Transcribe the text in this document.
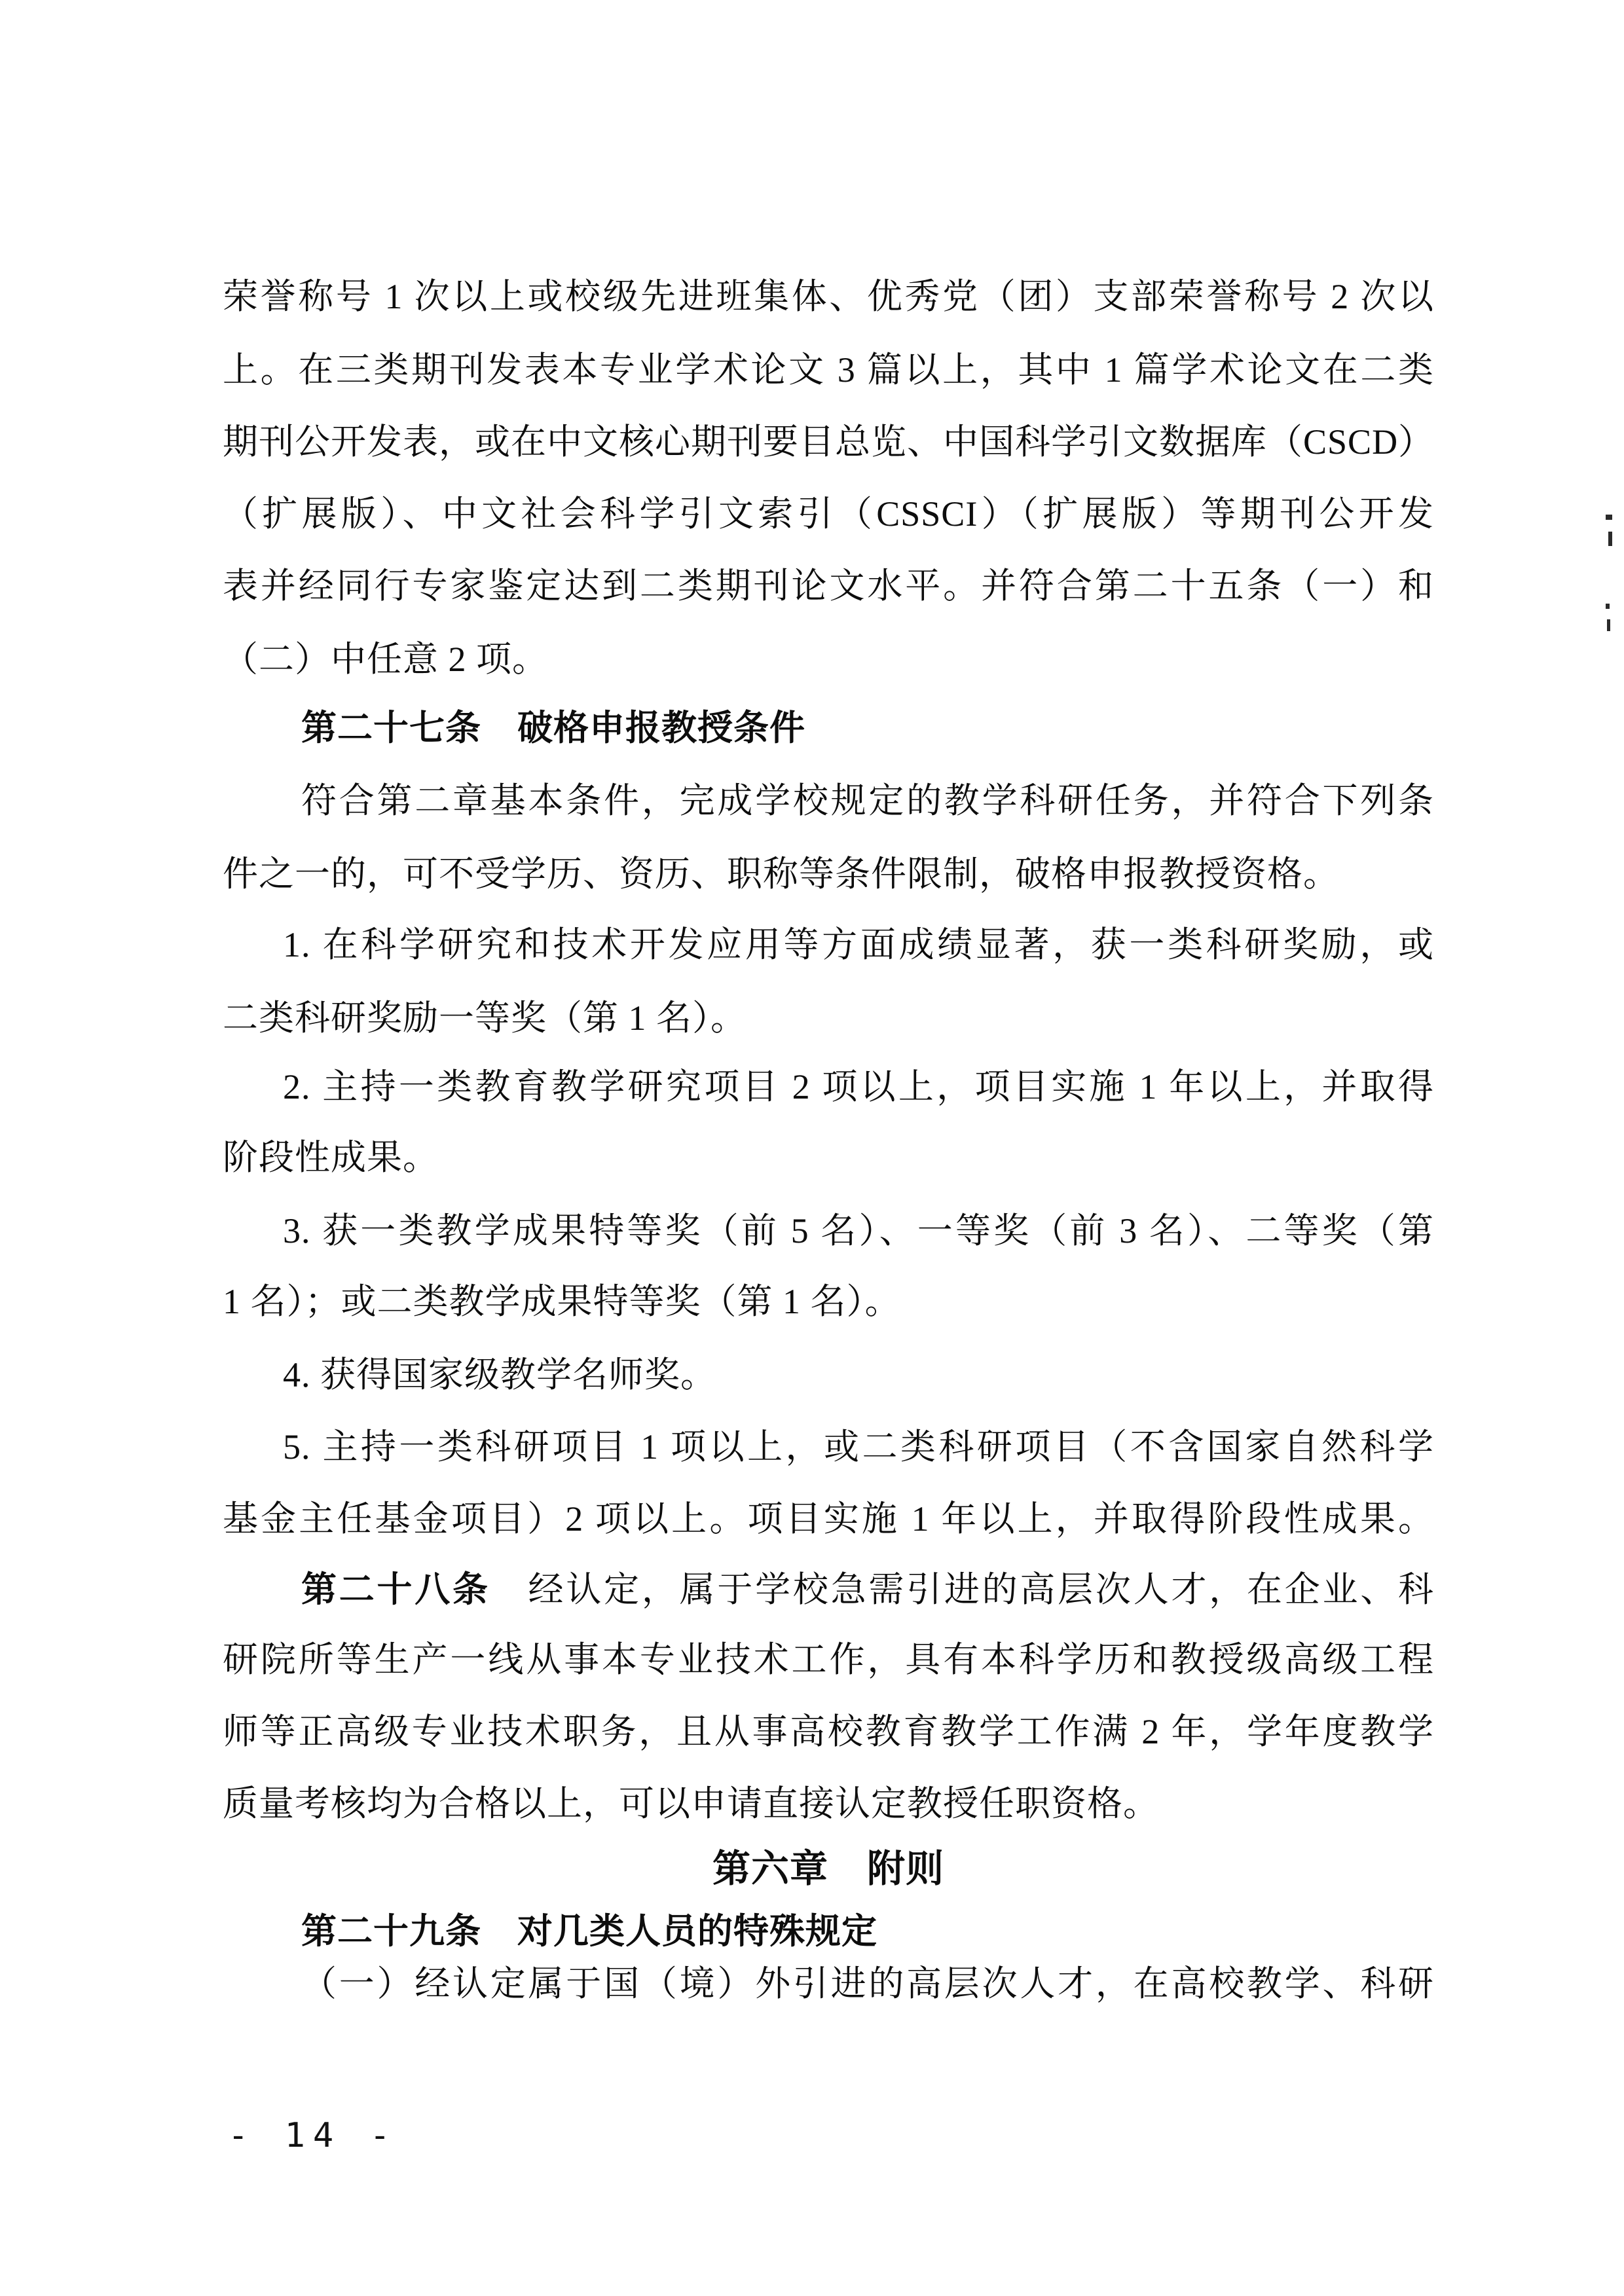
荣誉称号 1 次以上或校级先进班集体、优秀党（团）支部荣誉称号 2 次以
上。在三类期刊发表本专业学术论文 3 篇以上，其中 1 篇学术论文在二类
期刊公开发表，或在中文核心期刊要目总览、中国科学引文数据库（CSCD）
（扩展版）、中文社会科学引文索引（CSSCI）（扩展版）等期刊公开发
表并经同行专家鉴定达到二类期刊论文水平。并符合第二十五条（一）和
（二）中任意 2 项。
第二十七条　破格申报教授条件
符合第二章基本条件，完成学校规定的教学科研任务，并符合下列条
件之一的，可不受学历、资历、职称等条件限制，破格申报教授资格。
1. 在科学研究和技术开发应用等方面成绩显著，获一类科研奖励，或
二类科研奖励一等奖（第 1 名）。
2. 主持一类教育教学研究项目 2 项以上，项目实施 1 年以上，并取得
阶段性成果。
3. 获一类教学成果特等奖（前 5 名）、一等奖（前 3 名）、二等奖（第
1 名）；或二类教学成果特等奖（第 1 名）。
4. 获得国家级教学名师奖。
5. 主持一类科研项目 1 项以上，或二类科研项目（不含国家自然科学
基金主任基金项目）2 项以上。项目实施 1 年以上，并取得阶段性成果。
第二十八条　经认定，属于学校急需引进的高层次人才，在企业、科
研院所等生产一线从事本专业技术工作，具有本科学历和教授级高级工程
师等正高级专业技术职务，且从事高校教育教学工作满 2 年，学年度教学
质量考核均为合格以上，可以申请直接认定教授任职资格。
第六章　附则
第二十九条　对几类人员的特殊规定
（一）经认定属于国（境）外引进的高层次人才，在高校教学、科研
- 14 -
